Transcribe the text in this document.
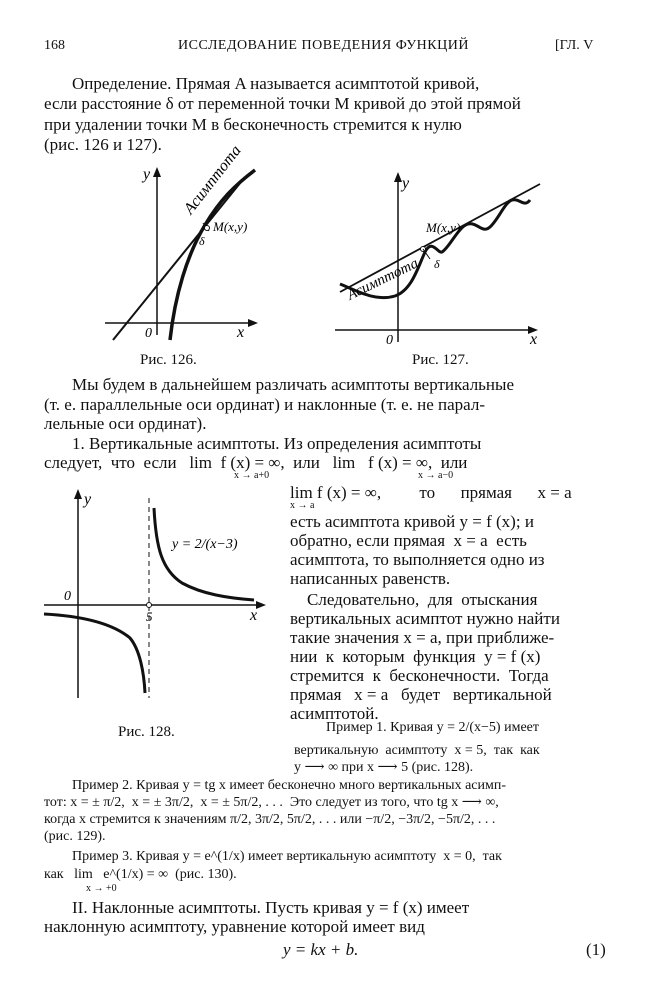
168	ИССЛЕДОВАНИЕ ПОВЕДЕНИЯ ФУНКЦИЙ	[ГЛ. V
Определение. Прямая A называется асимптотой кривой,
если расстояние δ от переменной точки M кривой до этой прямой
при удалении точки M в бесконечность стремится к нулю
(рис. 126 и 127). Асимптота
M(x,y)
δ
y
x
0
Рис. 126.
Асимптота
M(x,y)
δ
y
x
0
Рис. 127.
Мы будем в дальнейшем различать асимптоты вертикальные
(т. е. параллельные оси ординат) и наклонные (т. е. не парал-
лельные оси ординат).
1. Вертикальные асимптоты. Из определения асимптоты
следует,  что  если   lim  f (x) = ∞,  или   lim   f (x) = ∞,  или
x → a+0	x → a−0
lim f (x) = ∞,         то      прямая      x = a
x → a
есть асимптота кривой y = f (x); и
обратно, если прямая  x = a  есть
асимптота, то выполняется одно из
написанных равенств.
Следовательно,  для  отыскания
вертикальных асимптот нужно найти
такие значения x = a, при приближе-
нии  к  которым  функция  y = f (x)
стремится  к  бесконечности.  Тогда
прямая   x = a   будет   вертикальной
асимптотой.
y = 2/(x−3)
y
x
0
5
Рис. 128.	Пример 1. Кривая y = 2/(x−5) имеет
вертикальную  асимптоту  x = 5,  так  как
y ⟶ ∞ при x ⟶ 5 (рис. 128).
Пример 2. Кривая y = tg x имеет бесконечно много вертикальных асимп-
тот: x = ± π/2,  x = ± 3π/2,  x = ± 5π/2, . . .  Это следует из того, что tg x ⟶ ∞,
когда x стремится к значениям π/2, 3π/2, 5π/2, . . . или −π/2, −3π/2, −5π/2, . . .
(рис. 129).
Пример 3. Кривая y = e^(1/x) имеет вертикальную асимптоту  x = 0,  так
как   lim   e^(1/x) = ∞  (рис. 130).
x → +0
II. Наклонные асимптоты. Пусть кривая y = f (x) имеет
наклонную асимптоту, уравнение которой имеет вид
y = kx + b.	(1)
